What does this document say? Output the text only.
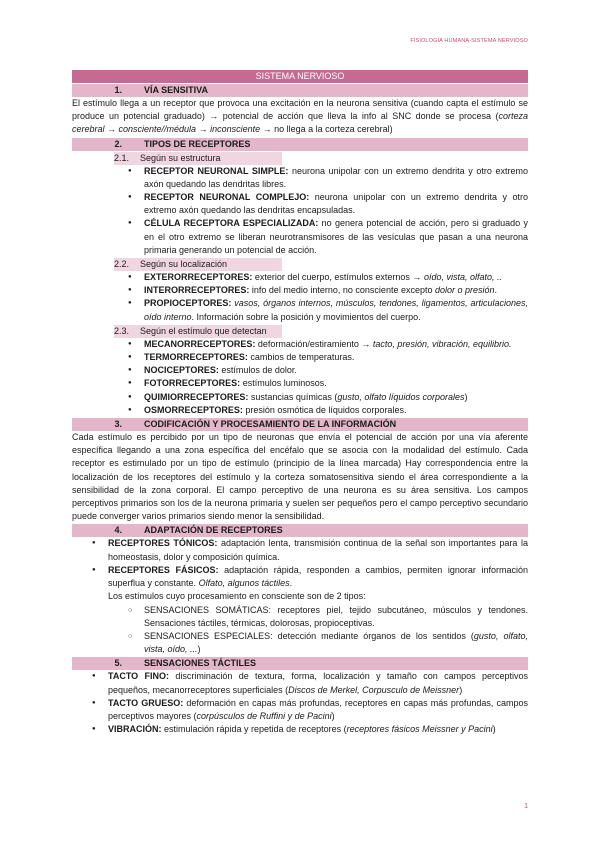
FISIOLOGÍA HUMANA-SISTEMA NERVIOSO
SISTEMA NERVIOSO
1.	VÍA SENSITIVA

El estímulo llega a un receptor que provoca una excitación en la neurona sensitiva (cuando capta el estímulo se produce un potencial graduado) → potencial de acción que lleva la info al SNC donde se procesa (corteza cerebral → consciente//médula → inconsciente → no llega a la corteza cerebral)

2.	TIPOS DE RECEPTORES
2.1.	Según su estructura
● RECEPTOR NEURONAL SIMPLE: neurona unipolar con un extremo dendrita y otro extremo axón quedando las dendritas libres.
● RECEPTOR NEURONAL COMPLEJO: neurona unipolar con un extremo dendrita y otro extremo axón quedando las dendritas encapsuladas.
● CÉLULA RECEPTORA ESPECIALIZADA: no genera potencial de acción, pero si graduado y en el otro extremo se liberan neurotransmisores de las vesículas que pasan a una neurona primaria generando un potencial de acción.
2.2.	Según su localización
● EXTERORRECEPTORES: exterior del cuerpo, estímulos externos → oído, vista, olfato, ..
● INTERORRECEPTORES: info del medio interno, no consciente excepto dolor o presión.
● PROPIOCEPTORES: vasos, órganos internos, músculos, tendones, ligamentos, articulaciones, oído interno. Información sobre la posición y movimientos del cuerpo.
2.3.	Según el estímulo que detectan
● MECANORRECEPTORES: deformación/estiramiento → tacto, presión, vibración, equilibrio.
● TERMORRECEPTORES: cambios de temperaturas.
● NOCICEPTORES: estímulos de dolor.
● FOTORRECEPTORES: estímulos luminosos.
● QUIMIORRECEPTORES: sustancias químicas (gusto, olfato líquidos corporales)
● OSMORRECEPTORES: presión osmótica de líquidos corporales.
3.	CODIFICACIÓN Y PROCESAMIENTO DE LA INFORMACIÓN

Cada estímulo es percibido por un tipo de neuronas que envía el potencial de acción por una vía aferente específica llegando a una zona específica del encéfalo que se asocia con la modalidad del estímulo. Cada receptor es estimulado por un tipo de estímulo (principio de la línea marcada) Hay correspondencia entre la localización de los receptores del estímulo y la corteza somatosensitiva siendo el área correspondiente a la sensibilidad de la zona corporal. El campo perceptivo de una neurona es su área sensitiva. Los campos perceptivos primarios son los de la neurona primaria y suelen ser pequeños pero el campo perceptivo secundario puede converger varios primarios siendo menor la sensibilidad.

4.	ADAPTACIÓN DE RECEPTORES
● RECEPTORES TÓNICOS: adaptación lenta, transmisión continua de la señal son importantes para la homeostasis, dolor y composición química.
● RECEPTORES FÁSICOS: adaptación rápida, responden a cambios, permiten ignorar información superflua y constante. Olfato, algunos táctiles.
Los estímulos cuyo procesamiento en consciente son de 2 tipos:
○ SENSACIONES SOMÁTICAS: receptores piel, tejido subcutáneo, músculos y tendones. Sensaciones táctiles, térmicas, dolorosas, propioceptivas.
○ SENSACIONES ESPECIALES: detección mediante órganos de los sentidos (gusto, olfato, vista, oído, ...)
5.	SENSACIONES TÁCTILES
● TACTO FINO: discriminación de textura, forma, localización y tamaño con campos perceptivos pequeños, mecanorreceptores superficiales (Discos de Merkel, Corpusculo de Meissner)
● TACTO GRUESO: deformación en capas más profundas, receptores en capas más profundas, campos perceptivos mayores (corpúsculos de Ruffini y de Pacini)
● VIBRACIÓN: estimulación rápida y repetida de receptores (receptores fásicos Meissner y Pacini)
1
